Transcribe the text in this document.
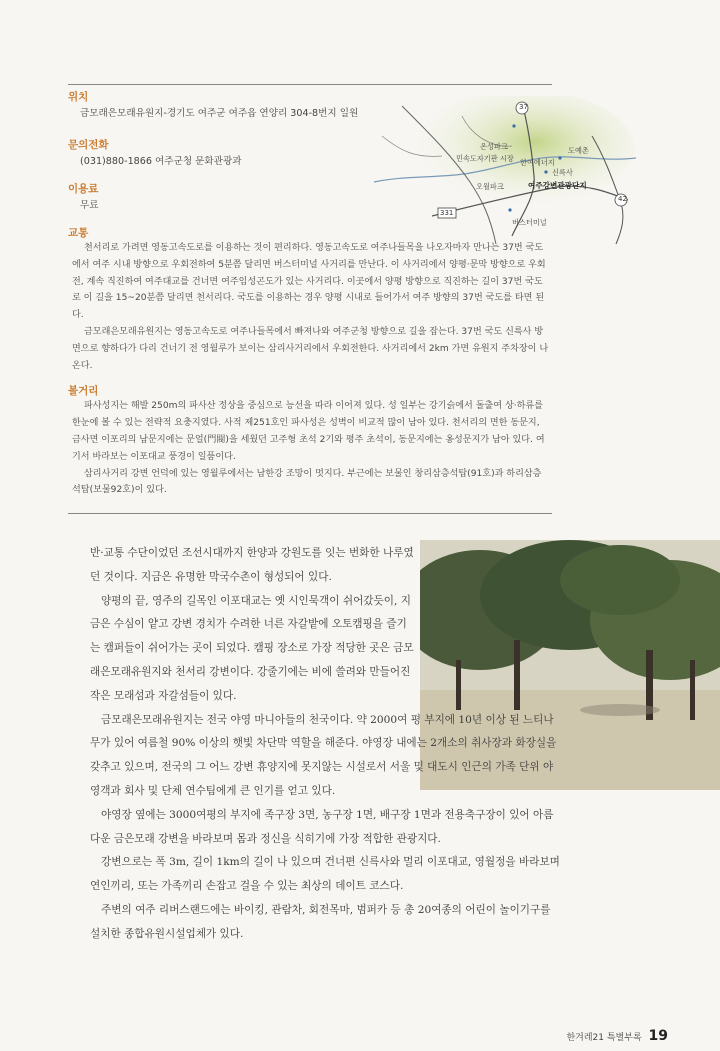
위치

금모래은모래유원지-경기도 여주군 여주읍 연양리 304-8번지 일원

문의전화

(031)880-1866 여주군청 문화관광과

이용료

무료

교통

천서리로 가려면 영동고속도로를 이용하는 것이 편리하다. 영동고속도로 여주나들목을 나오자마자 만나는 37번 국도에서 여주 시내 방향으로 우회전하여 5분쯤 달리면 버스터미널 사거리를 만난다. 이 사거리에서 양평·문막 방향으로 우회전, 계속 직진하여 여주대교를 건너면 여주임성곤도가 있는 사거리다. 이곳에서 양평 방향으로 직진하는 길이 37번 국도로 이 길을 15~20분쯤 달리면 천서리다. 국도를 이용하는 경우 양평 시내로 들어가서 여주 방향의 37번 국도를 타면 된다.

금모래은모래유원지는 영동고속도로 여주나들목에서 빠져나와 여주군청 방향으로 길을 잡는다. 37번 국도 신륵사 방면으로 향하다가 다리 건너기 전 영월루가 보이는 삼리사거리에서 우회전한다. 사거리에서 2km 가면 유원지 주차장이 나온다.

볼거리

파사성지는 해발 250m의 파사산 정상을 중심으로 능선을 따라 이어져 있다. 성 일부는 강기슭에서 돌출여 상·하류를 한눈에 볼 수 있는 전략적 요충지였다. 사적 제251호인 파사성은 성벽이 비교적 많이 남아 있다. 천서리의 면한 동문지, 금사면 이포리의 남문지에는 문얼(門閥)을 세웠던 고주형 초석 2기와 평주 초석이, 동문지에는 옹성문지가 남아 있다. 여기서 바라보는 이포대교 풍경이 일품이다.

삼리사거리 강변 언덕에 있는 영월루에서는 남한강 조망이 멋지다. 부근에는 보물인 창리삼층석탑(91호)과 하리삼층석탑(보물92호)이 있다.

37
42
331
온성파크
민속도자기판 시장 한여에너지
도예촌
신륵사
여주강변관광단지
오월파크
버스터미널

반·교통 수단이었던 조선시대까지 한양과 강원도를 잇는 번화한 나루였던 것이다. 지금은 유명한 막국수촌이 형성되어 있다.

양평의 끝, 영주의 길목인 이포대교는 옛 시인묵객이 쉬어갔듯이, 지금은 수심이 얕고 강변 경치가 수려한 너른 자갈밭에 오토캠핑을 즐기는 캠퍼들이 쉬어가는 곳이 되었다. 캠핑 장소로 가장 적당한 곳은 금모래은모래유원지와 천서리 강변이다. 강줄기에는 비에 쓸려와 만들어진 작은 모래섬과 자갈섬들이 있다.

금모래은모래유원지는 전국 야영 마니아들의 천국이다. 약 2000여 평 부지에 10년 이상 된 느티나무가 있어 여름철 90% 이상의 햇빛 차단막 역할을 해준다. 야영장 내에는 2개소의 취사장과 화장실을 갖추고 있으며, 전국의 그 어느 강변 휴양지에 못지않는 시설로서 서울 및 대도시 인근의 가족 단위 야영객과 회사 및 단체 연수팀에게 큰 인기를 얻고 있다.

야영장 옆에는 3000여평의 부지에 족구장 3면, 농구장 1면, 배구장 1면과 전용축구장이 있어 아름다운 금은모래 강변을 바라보며 몸과 정신을 식히기에 가장 적합한 관광지다.

강변으로는 폭 3m, 길이 1km의 길이 나 있으며 건너편 신륵사와 멀리 이포대교, 영월정을 바라보며 연인끼리, 또는 가족끼리 손잡고 걸을 수 있는 최상의 데이트 코스다.

주변의 여주 리버스랜드에는 바이킹, 관람차, 회전목마, 범퍼카 등 총 20여종의 어린이 놀이기구를 설치한 종합유원시설업체가 있다.

한겨레21 특별부록 19
